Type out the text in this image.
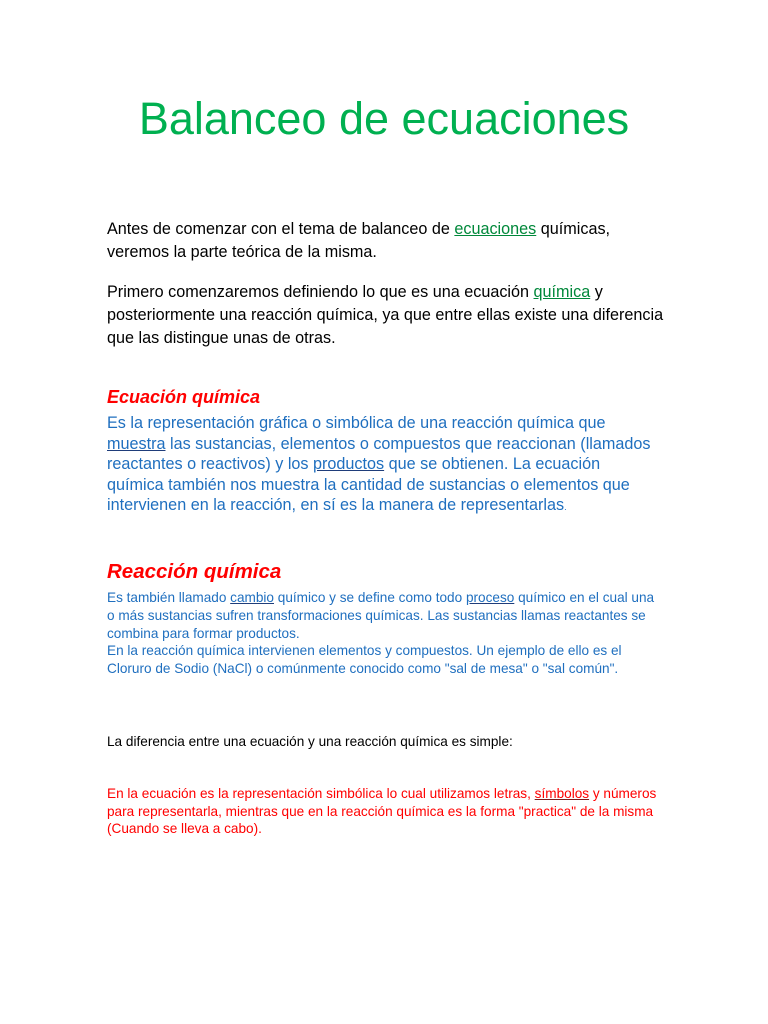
Balanceo de ecuaciones

Antes de comenzar con el tema de balanceo de ecuaciones químicas, veremos la parte teórica de la misma.

Primero comenzaremos definiendo lo que es una ecuación química y posteriormente una reacción química, ya que entre ellas existe una diferencia que las distingue unas de otras.

Ecuación química

Es la representación gráfica o simbólica de una reacción química que muestra las sustancias, elementos o compuestos que reaccionan (llamados reactantes o reactivos) y los productos que se obtienen. La ecuación química también nos muestra la cantidad de sustancias o elementos que intervienen en la reacción, en sí es la manera de representarlas.

Reacción química

Es también llamado cambio químico y se define como todo proceso químico en el cual una o más sustancias sufren transformaciones químicas. Las sustancias llamas reactantes se combina para formar productos.
En la reacción química intervienen elementos y compuestos. Un ejemplo de ello es el Cloruro de Sodio (NaCl) o comúnmente conocido como "sal de mesa" o "sal común".

La diferencia entre una ecuación y una reacción química es simple:

En la ecuación es la representación simbólica lo cual utilizamos letras, símbolos y números para representarla, mientras que en la reacción química es la forma "practica" de la misma (Cuando se lleva a cabo).
